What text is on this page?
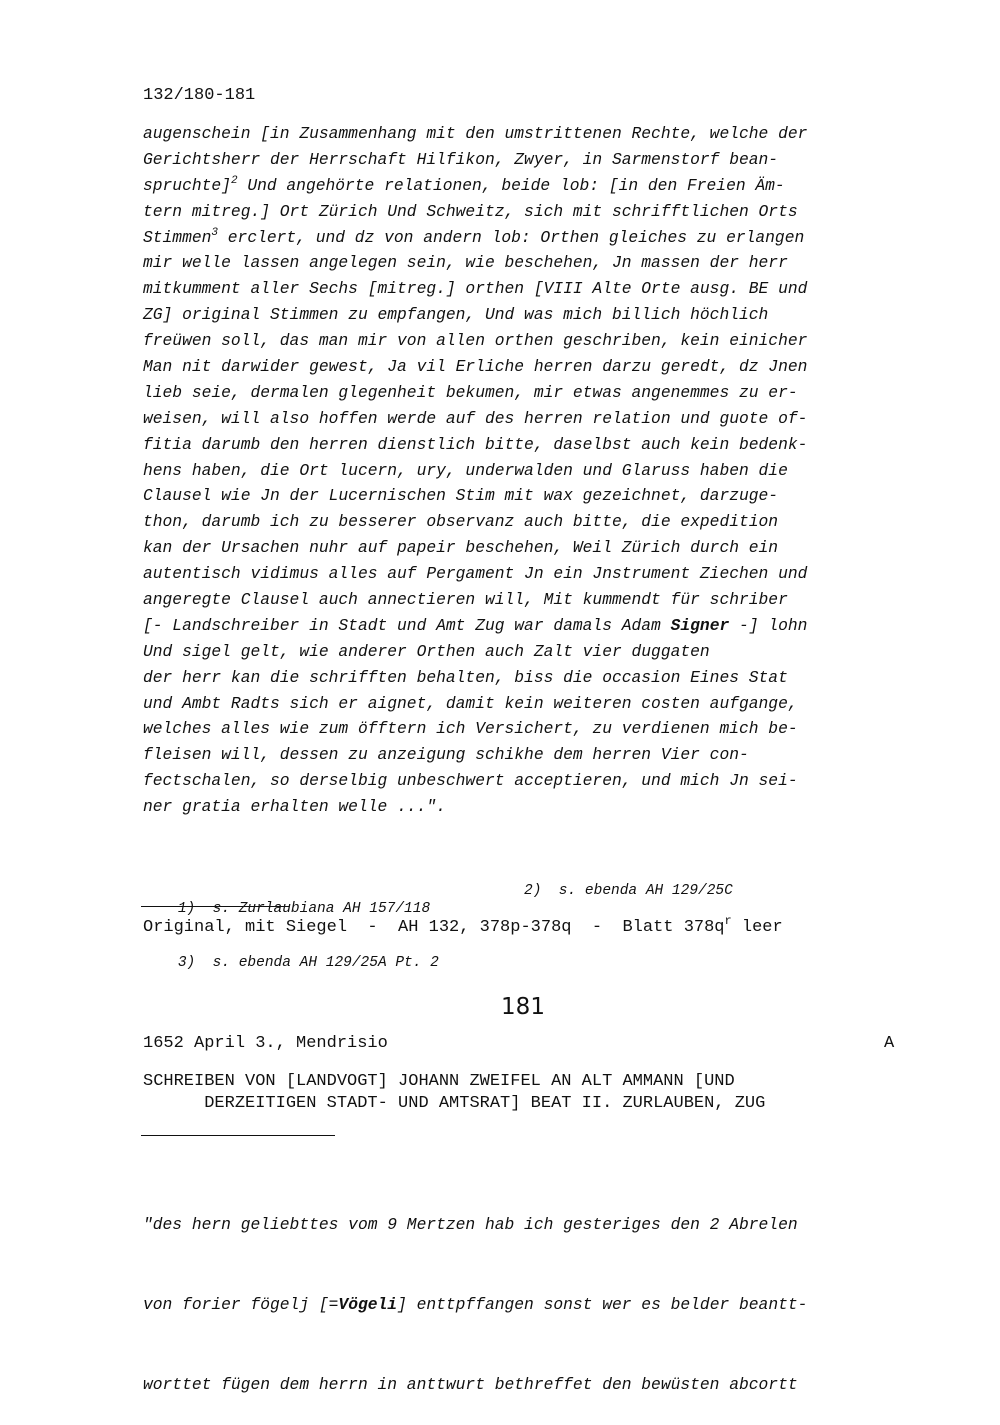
132/180-181
augenschein [in Zusammenhang mit den umstrittenen Rechte, welche der
Gerichtsherr der Herrschaft Hilfikon, Zwyer, in Sarmenstorf bean-
spruchte]$^2$ Und angehörte relationen, beide lob: [in den Freien Äm-
tern mitreg.] Ort Zürich Und Schweitz, sich mit schrifftlichen Orts
Stimmen$^3$ erclert, und dz von andern lob: Orthen gleiches zu erlangen
mir welle lassen angelegen sein, wie beschehen, Jn massen der herr
mitkumment aller Sechs [mitreg.] orthen [VIII Alte Orte ausg. BE und
ZG] original Stimmen zu empfangen, Und was mich billich höchlich
freüwen soll, das man mir von allen orthen geschriben, kein einicher
Man nit darwider gewest, Ja vil Erliche herren darzu geredt, dz Jnen
lieb seie, dermalen glegenheit bekumen, mir etwas angenemmes zu er-
weisen, will also hoffen werde auf des herren relation und guote of-
fitia darumb den herren dienstlich bitte, daselbst auch kein bedenk-
hens haben, die Ort lucern, ury, underwalden und Glaruss haben die
Clausel wie Jn der Lucernischen Stim mit wax gezeichnet, darzuge-
thon, darumb ich zu besserer observanz auch bitte, die expedition
kan der Ursachen nuhr auf papeir beschehen, Weil Zürich durch ein
autentisch vidimus alles auf Pergament Jn ein Jnstrument Ziechen und
angeregte Clausel auch annectieren will, Mit kummendt für schriber
[- Landschreiber in Stadt und Amt Zug war damals Adam Signer -] lohn
Und sigel gelt, wie anderer Orthen auch Zalt vier duggaten
der herr kan die schrifften behalten, biss die occasion Eines Stat
und Ambt Radts sich er aignet, damit kein weiteren costen aufgange,
welches alles wie zum öfftern ich Versichert, zu verdienen mich be-
fleisen will, dessen zu anzeigung schikhe dem herren Vier con-
fectschalen, so derselbig unbeschwert acceptieren, und mich Jn sei-
ner gratia erhalten welle ...".

1)  s. Zurlaubiana AH 157/118

2)  s. ebenda AH 129/25C

3)  s. ebenda AH 129/25A Pt. 2

Original, mit Siegel  -  AH 132, 378p-378q  -  Blatt $378q^r$ leer
181
1652 April 3., Mendrisio	A
SCHREIBEN VON [LANDVOGT] JOHANN ZWEIFEL AN ALT AMMANN [UND
DERZEITIGEN STADT- UND AMTSRAT] BEAT II. ZURLAUBEN, ZUG

"des hern geliebttes vom 9 Mertzen hab ich gesteriges den 2 Abrelen

von forier fögelj [=Vögeli] enttpffangen sonst wer es belder beantt-

worttet fügen dem herrn in anttwurt bethreffet den bewüsten abcortt
